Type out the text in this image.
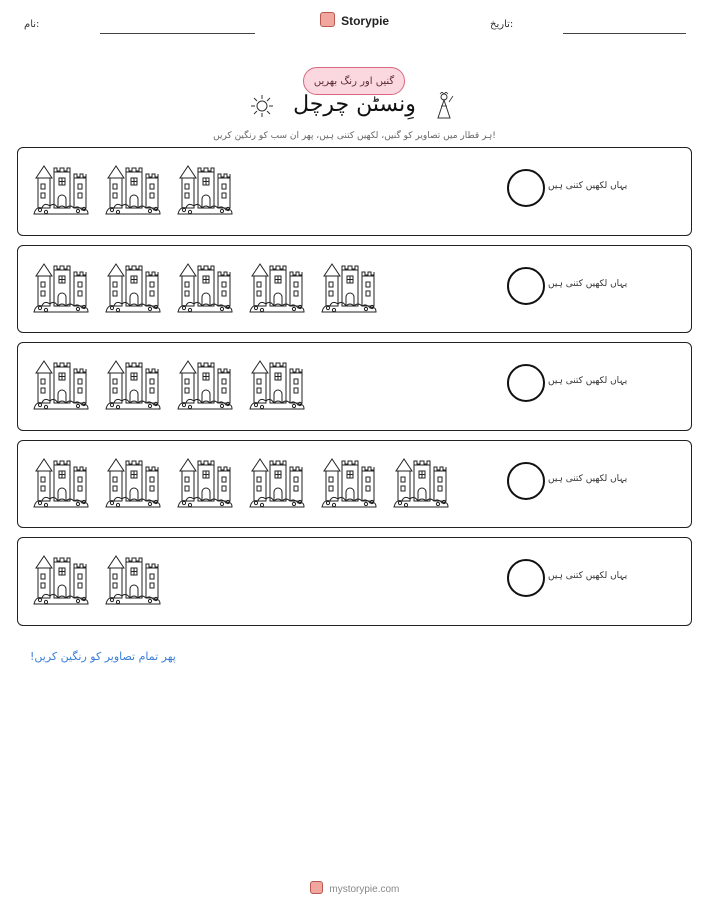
نام:	Storypie	تاریخ:
گنیں اور رنگ بھریں
وِنسٹن چرچل
ہر قطار میں تصاویر کو گنیں، لکھیں کتنی ہیں، پھر ان سب کو رنگین کریں!
یہاں لکھیں کتنی ہیں
یہاں لکھیں کتنی ہیں
یہاں لکھیں کتنی ہیں
یہاں لکھیں کتنی ہیں
یہاں لکھیں کتنی ہیں
پھر تمام تصاویر کو رنگین کریں!
mystorypie.com
